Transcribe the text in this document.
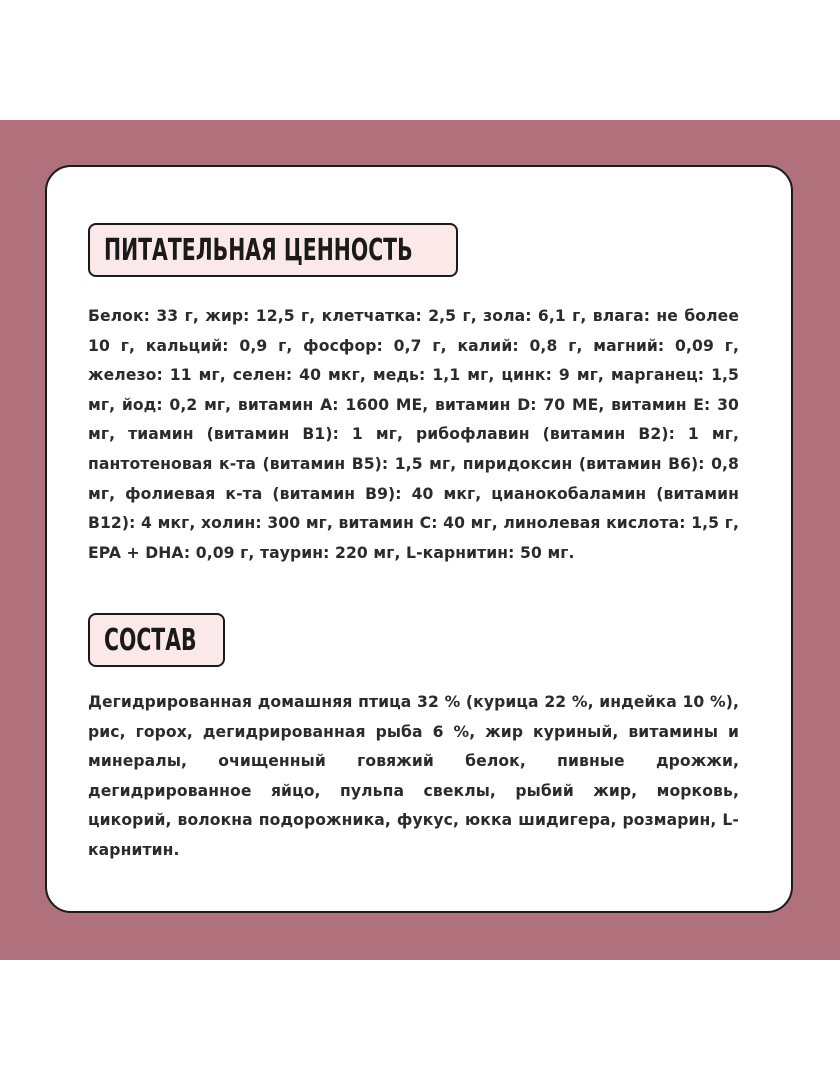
ПИТАТЕЛЬНАЯ ЦЕННОСТЬ

Белок: 33 г, жир: 12,5 г, клетчатка: 2,5 г, зола: 6,1 г, влага: не более 10 г, кальций: 0,9 г, фосфор: 0,7 г, калий: 0,8 г, магний: 0,09 г, железо: 11 мг, селен: 40 мкг, медь: 1,1 мг, цинк: 9 мг, марганец: 1,5 мг, йод: 0,2 мг, витамин А: 1600 МЕ, витамин D: 70 МЕ, витамин Е: 30 мг, тиамин (витамин В1): 1 мг, рибофлавин (витамин В2): 1 мг, пантотеновая к-та (витамин В5): 1,5 мг, пиридоксин (витамин В6): 0,8 мг, фолиевая к-та (витамин В9): 40 мкг, цианокобаламин (витамин В12): 4 мкг, холин: 300 мг, витамин С: 40 мг, линолевая кислота: 1,5 г, EPA + DHA: 0,09 г, таурин: 220 мг, L-карнитин: 50 мг.

СОСТАВ

Дегидрированная домашняя птица 32 % (курица 22 %, индейка 10 %), рис, горох, дегидрированная рыба 6 %, жир куриный, витамины и минералы, очищенный говяжий белок, пивные дрожжи, дегидрированное яйцо, пульпа свеклы, рыбий жир, морковь, цикорий, волокна подорожника, фукус, юкка шидигера, розмарин, L-карнитин.
